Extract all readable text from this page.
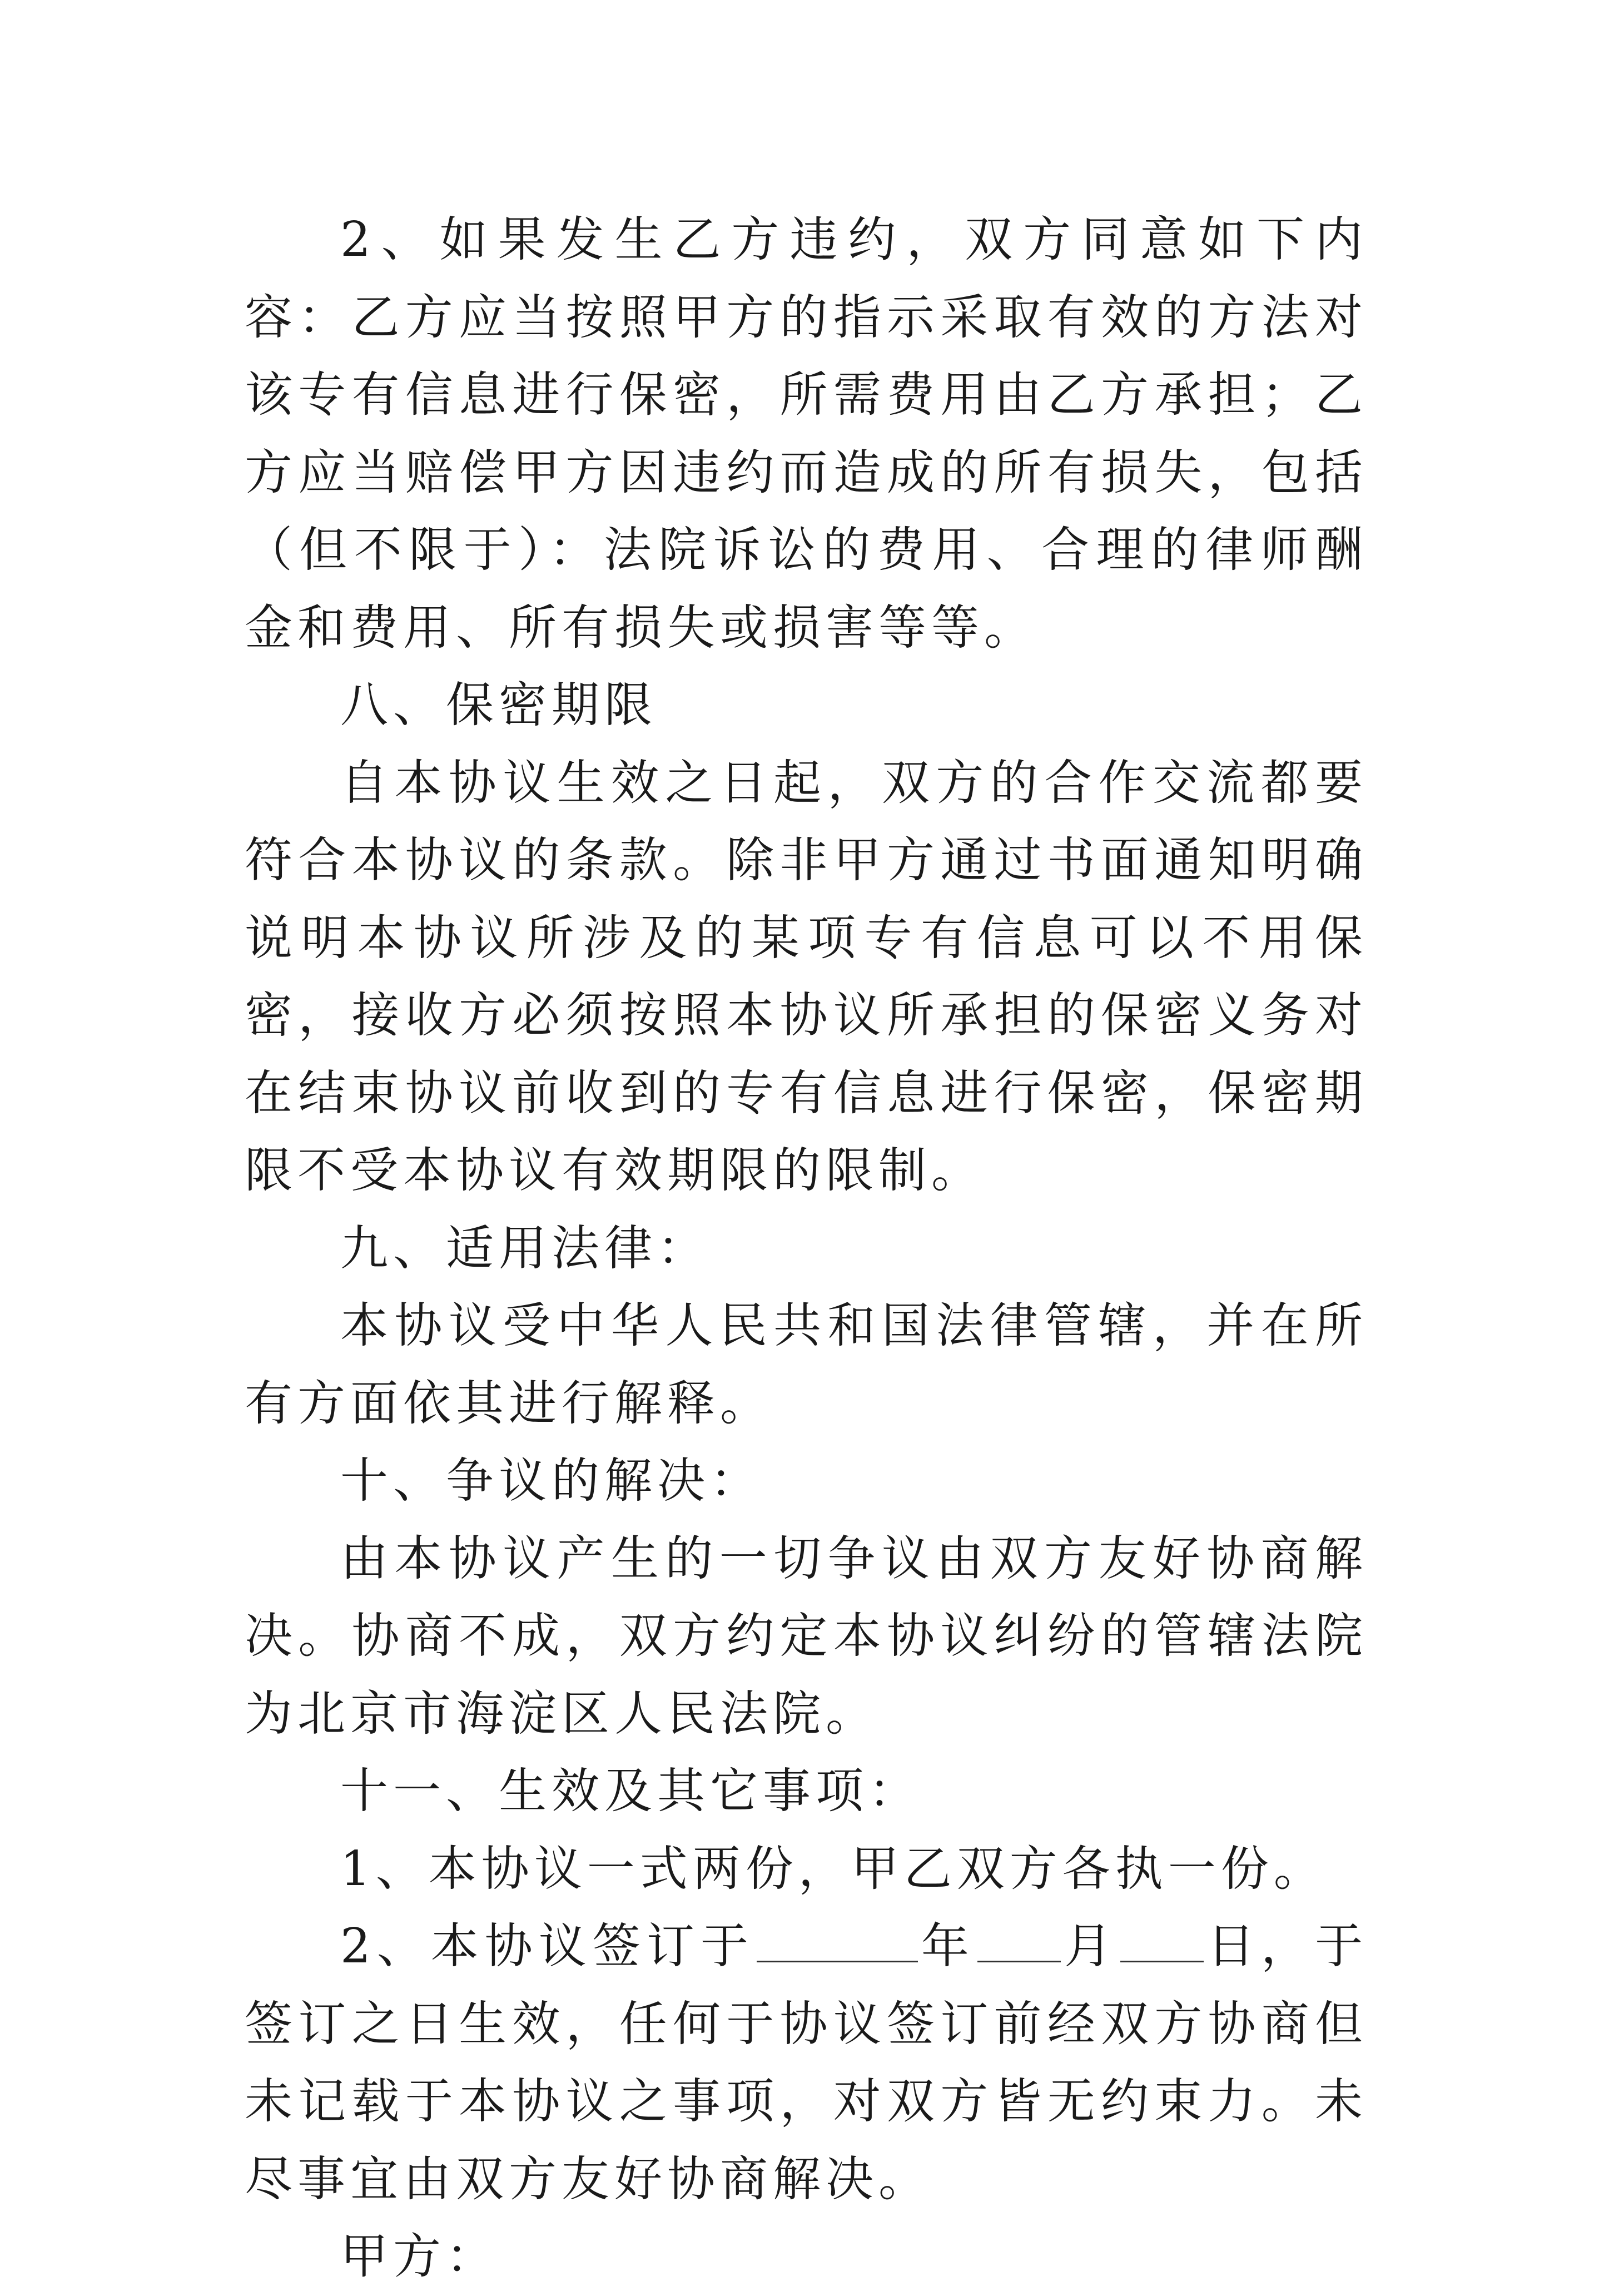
2、如果发生乙方违约，双方同意如下内容：乙方应当按照甲方的指示采取有效的方法对该专有信息进行保密，所需费用由乙方承担；乙方应当赔偿甲方因违约而造成的所有损失，包括（但不限于）：法院诉讼的费用、合理的律师酬金和费用、所有损失或损害等等。

八、保密期限

自本协议生效之日起，双方的合作交流都要符合本协议的条款。除非甲方通过书面通知明确说明本协议所涉及的某项专有信息可以不用保密，接收方必须按照本协议所承担的保密义务对在结束协议前收到的专有信息进行保密，保密期限不受本协议有效期限的限制。

九、适用法律：

本协议受中华人民共和国法律管辖，并在所有方面依其进行解释。

十、争议的解决：

由本协议产生的一切争议由双方友好协商解决。协商不成，双方约定本协议纠纷的管辖法院为北京市海淀区人民法院。

十一、生效及其它事项：

1、本协议一式两份，甲乙双方各执一份。

2、本协议签订于	年 月 日，于签订之日生效，任何于协议签订前经双方协商但未记载于本协议之事项，对双方皆无约束力。未尽事宜由双方友好协商解决。

甲方：
